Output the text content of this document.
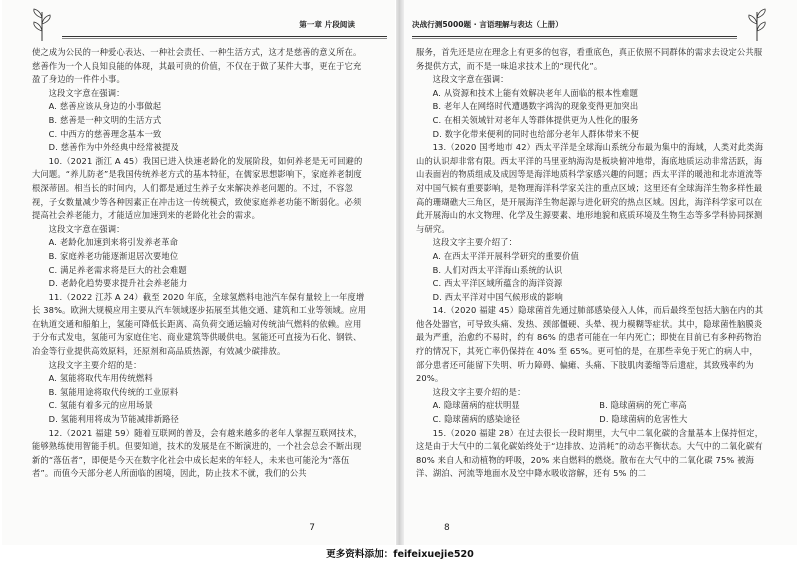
第一章 片段阅读

使之成为公民的一种爱心表达、一种社会责任、一种生活方式，这才是慈善的意义所在。慈善作为一个人良知良能的体现，其最可贵的价值，不仅在于做了某件大事，更在于它充盈了身边的一件件小事。

这段文字意在强调：

A. 慈善应该从身边的小事做起

B. 慈善是一种文明的生活方式

C. 中西方的慈善理念基本一致

D. 慈善作为中外经典中经常被提及

10.（2021 浙江 A 45）我国已进入快速老龄化的发展阶段，如何养老是无可回避的大问题。“养儿防老”是我国传统养老方式的基本特征，在儒家思想影响下，家庭养老制度根深蒂固。相当长的时间内，人们都是通过生养子女来解决养老问题的。不过，不容忽视，子女数量减少等各种因素正在冲击这一传统模式，致使家庭养老功能不断弱化。必须提高社会养老能力，才能适应加速到来的老龄化社会的需求。

这段文字意在强调：

A. 老龄化加速到来将引发养老革命

B. 家庭养老功能逐渐退居次要地位

C. 满足养老需求将是巨大的社会难题

D. 老龄化趋势要求提升社会养老能力

11.（2022 江苏 A 24）截至 2020 年底，全球氢燃料电池汽车保有量较上一年度增长 38%。欧洲大规模应用主要从汽车领域逐步拓展至其他交通、建筑和工业等领域。应用在轨道交通和船舶上，氢能可降低长距离、高负荷交通运输对传统油气燃料的依赖。应用于分布式发电，氢能可为家庭住宅、商业建筑等供暖供电。氢能还可直接为石化、钢铁、冶金等行业提供高效原料，还原剂和高品质热源，有效减少碳排放。

这段文字主要介绍的是：

A. 氢能将取代车用传统燃料

B. 氢能用途将取代传统的工业原料

C. 氢能有着多元的应用场景

D. 氢能利用将成为节能减排新路径

12.（2021 福建 59）随着互联网的普及，会有越来越多的老年人掌握互联网技术，能够熟练使用智能手机。但要知道，技术的发展是在不断演进的，一个社会总会不断出现新的“落伍者”，即便是今天在数字化社会中成长起来的年轻人，未来也可能沦为“落伍者”。而值今天部分老人所面临的困境，因此，防止技术不就，我们的公共

7
决战行测5000题 · 言语理解与表达（上册）

服务，首先还是应在理念上有更多的包容，看重底色，真正依照不同群体的需求去设定公共服务提供方式，而不是一味追求技术上的“现代化”。

这段文字意在强调：

A. 从资源和技术上能有效解决老年人面临的根本性难题

B. 老年人在网络时代遭遇数字鸿沟的现象变得更加突出

C. 在相关领域针对老年人等群体提供更为人性化的服务

D. 数字化带来便利的同时也给部分老年人群体带来不便

13.（2020 国考地市 42）西太平洋是全球海山系统分布最为集中的海域，人类对此类海山的认识却非常有限。西太平洋的马里亚纳海沟是板块俯冲地带，海底地质运动非常活跃，海山表面岩的物质组成及成因等是海洋地质科学家感兴趣的问题；西太平洋的暖池和北赤道流等对中国气候有重要影响，是物理海洋科学家关注的重点区域；这里还有全球海洋生物多样性最高的珊瑚礁大三角区，是开展海洋生物起源与进化研究的热点区域。因此，海洋科学家可以在此开展海山的水文物理、化学及生源要素、地形地貌和底质环境及生物生态等多学科协同探测与研究。

这段文字主要介绍了：

A. 在西太平洋开展科学研究的重要价值

B. 人们对西太平洋海山系统的认识

C. 西太平洋区域所蕴含的海洋资源

D. 西太平洋对中国气候形成的影响

14.（2020 福建 45）隐球菌首先通过肺部感染侵入人体，而后最终至包括大脑在内的其他各处器官，可导致头痛、发热、颈部僵硬、头晕、视力模糊等症状。其中，隐球菌性脑膜炎最为严重，治愈约不易时，约有 86% 的患者可能在一年内死亡；即使在目前已有多种药物治疗的情况下，其死亡率仍保持在 40% 至 65%。更可怕的是，在那些幸免于死亡的病人中，部分患者还可能留下失明、听力障碍、偏瘫、头痛、下肢肌肉萎缩等后遗症，其致残率约为 20%。

这段文字主要介绍的是：

A. 隐球菌病的症状明显	B. 隐球菌病的死亡率高

C. 隐球菌病的感染途径	D. 隐球菌病的危害性大

15.（2020 福建 28）在过去很长一段时期里，大气中二氧化碳的含量基本上保持恒定，这是由于大气中的二氧化碳始终处于“边排放、边消耗”的动态平衡状态。大气中的二氧化碳有 80% 来自人和动植物的呼吸，20% 来自燃料的燃烧。散布在大气中的二氧化碳 75% 被海洋、湖泊、河流等地面水及空中降水吸收溶解，还有 5% 的二

8
更多资料添加：feifeixuejie520
